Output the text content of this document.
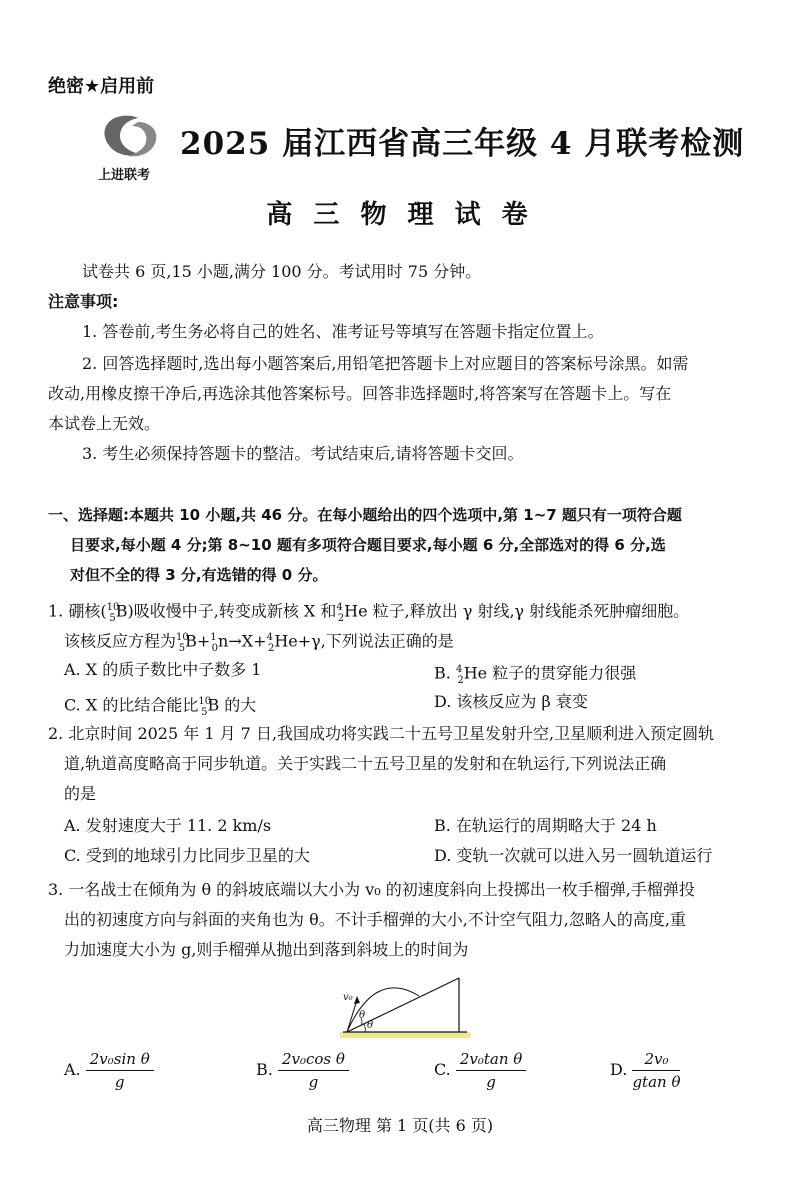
绝密★启用前
上进联考
2025 届江西省高三年级 4 月联考检测
高 三 物 理 试 卷
试卷共 6 页,15 小题,满分 100 分。考试用时 75 分钟。
注意事项:
1. 答卷前,考生务必将自己的姓名、准考证号等填写在答题卡指定位置上。
2. 回答选择题时,选出每小题答案后,用铅笔把答题卡上对应题目的答案标号涂黑。如需
改动,用橡皮擦干净后,再选涂其他答案标号。回答非选择题时,将答案写在答题卡上。写在
本试卷上无效。
3. 考生必须保持答题卡的整洁。考试结束后,请将答题卡交回。
一、选择题:本题共 10 小题,共 46 分。在每小题给出的四个选项中,第 1~7 题只有一项符合题
目要求,每小题 4 分;第 8~10 题有多项符合题目要求,每小题 6 分,全部选对的得 6 分,选
对但不全的得 3 分,有选错的得 0 分。
1. 硼核($^{10}_5$B)吸收慢中子,转变成新核 X 和$^4_2$He 粒子,释放出 γ 射线,γ 射线能杀死肿瘤细胞。
该核反应方程为$^{10}_5$B+$^1_0$n→X+$^4_2$He+γ,下列说法正确的是
A. X 的质子数比中子数多 1	B. $^4_2$He 粒子的贯穿能力很强
C. X 的比结合能比$^{10}_5$B 的大	D. 该核反应为 β 衰变
2. 北京时间 2025 年 1 月 7 日,我国成功将实践二十五号卫星发射升空,卫星顺利进入预定圆轨
道,轨道高度略高于同步轨道。关于实践二十五号卫星的发射和在轨运行,下列说法正确
的是
A. 发射速度大于 11. 2 km/s	B. 在轨运行的周期略大于 24 h
C. 受到的地球引力比同步卫星的大	D. 变轨一次就可以进入另一圆轨道运行
3. 一名战士在倾角为 θ 的斜坡底端以大小为 v₀ 的初速度斜向上投掷出一枚手榴弹,手榴弹投
出的初速度方向与斜面的夹角也为 θ。不计手榴弹的大小,不计空气阻力,忽略人的高度,重
力加速度大小为 g,则手榴弹从抛出到落到斜坡上的时间为
v₀
θ
θ
A. $\frac{\text{2v₀sin θ}}{g}$	B. $\frac{\text{2v₀cos θ}}{g}$	C. $\frac{\text{2v₀tan θ}}{g}$	D. $\frac{\text{2v₀}}{\text{gtan θ}}$
高三物理 第 1 页(共 6 页)
